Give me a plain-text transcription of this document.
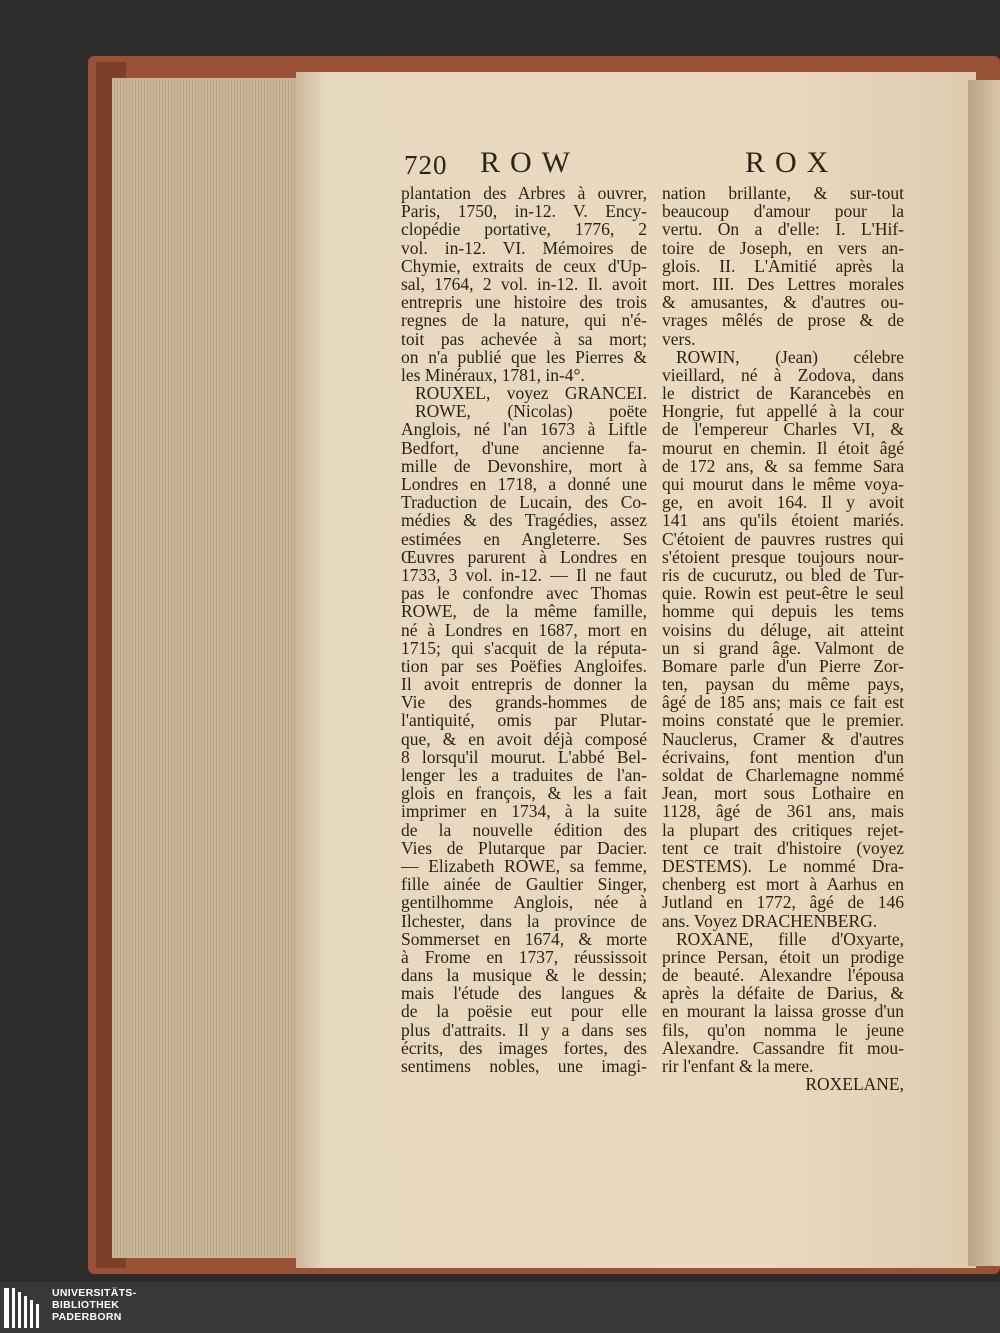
720 ROW	ROX
plantation des Arbres à ouvrer,
Paris, 1750, in-12. V. Ency-
clopédie portative, 1776, 2
vol. in-12. VI. Mémoires de
Chymie, extraits de ceux d'Up-
sal, 1764, 2 vol. in-12. Il. avoit
entrepris une histoire des trois
regnes de la nature, qui n'é-
toit pas achevée à sa mort;
on n'a publié que les Pierres &
les Minéraux, 1781, in-4°.
ROUXEL, voyez GRANCEI.
ROWE, (Nicolas) poëte
Anglois, né l'an 1673 à Liftle
Bedfort, d'une ancienne fa-
mille de Devonshire, mort à
Londres en 1718, a donné une
Traduction de Lucain, des Co-
médies & des Tragédies, assez
estimées en Angleterre. Ses
Œuvres parurent à Londres en
1733, 3 vol. in-12. — Il ne faut
pas le confondre avec Thomas
ROWE, de la même famille,
né à Londres en 1687, mort en
1715; qui s'acquit de la réputa-
tion par ses Poëfies Angloifes.
Il avoit entrepris de donner la
Vie des grands-hommes de
l'antiquité, omis par Plutar-
que, & en avoit déjà composé
8 lorsqu'il mourut. L'abbé Bel-
lenger les a traduites de l'an-
glois en françois, & les a fait
imprimer en 1734, à la suite
de la nouvelle édition des
Vies de Plutarque par Dacier.
— Elizabeth ROWE, sa femme,
fille ainée de Gaultier Singer,
gentilhomme Anglois, née à
Ilchester, dans la province de
Sommerset en 1674, & morte
à Frome en 1737, réussissoit
dans la musique & le dessin;
mais l'étude des langues &
de la poësie eut pour elle
plus d'attraits. Il y a dans ses
écrits, des images fortes, des
sentimens nobles, une imagi-
nation brillante, & sur-tout
beaucoup d'amour pour la
vertu. On a d'elle: I. L'Hif-
toire de Joseph, en vers an-
glois. II. L'Amitié après la
mort. III. Des Lettres morales
& amusantes, & d'autres ou-
vrages mêlés de prose & de
vers.
ROWIN, (Jean) célebre
vieillard, né à Zodova, dans
le district de Karancebès en
Hongrie, fut appellé à la cour
de l'empereur Charles VI, &
mourut en chemin. Il étoit âgé
de 172 ans, & sa femme Sara
qui mourut dans le même voya-
ge, en avoit 164. Il y avoit
141 ans qu'ils étoient mariés.
C'étoient de pauvres rustres qui
s'étoient presque toujours nour-
ris de cucurutz, ou bled de Tur-
quie. Rowin est peut-être le seul
homme qui depuis les tems
voisins du déluge, ait atteint
un si grand âge. Valmont de
Bomare parle d'un Pierre Zor-
ten, paysan du même pays,
âgé de 185 ans; mais ce fait est
moins constaté que le premier.
Nauclerus, Cramer & d'autres
écrivains, font mention d'un
soldat de Charlemagne nommé
Jean, mort sous Lothaire en
1128, âgé de 361 ans, mais
la plupart des critiques rejet-
tent ce trait d'histoire (voyez
DESTEMS). Le nommé Dra-
chenberg est mort à Aarhus en
Jutland en 1772, âgé de 146
ans. Voyez DRACHENBERG.
ROXANE, fille d'Oxyarte,
prince Persan, étoit un prodige
de beauté. Alexandre l'épousa
après la défaite de Darius, &
en mourant la laissa grosse d'un
fils, qu'on nomma le jeune
Alexandre. Cassandre fit mou-
rir l'enfant & la mere.
ROXELANE,
UNIVERSITÄTS-
BIBLIOTHEK
PADERBORN
